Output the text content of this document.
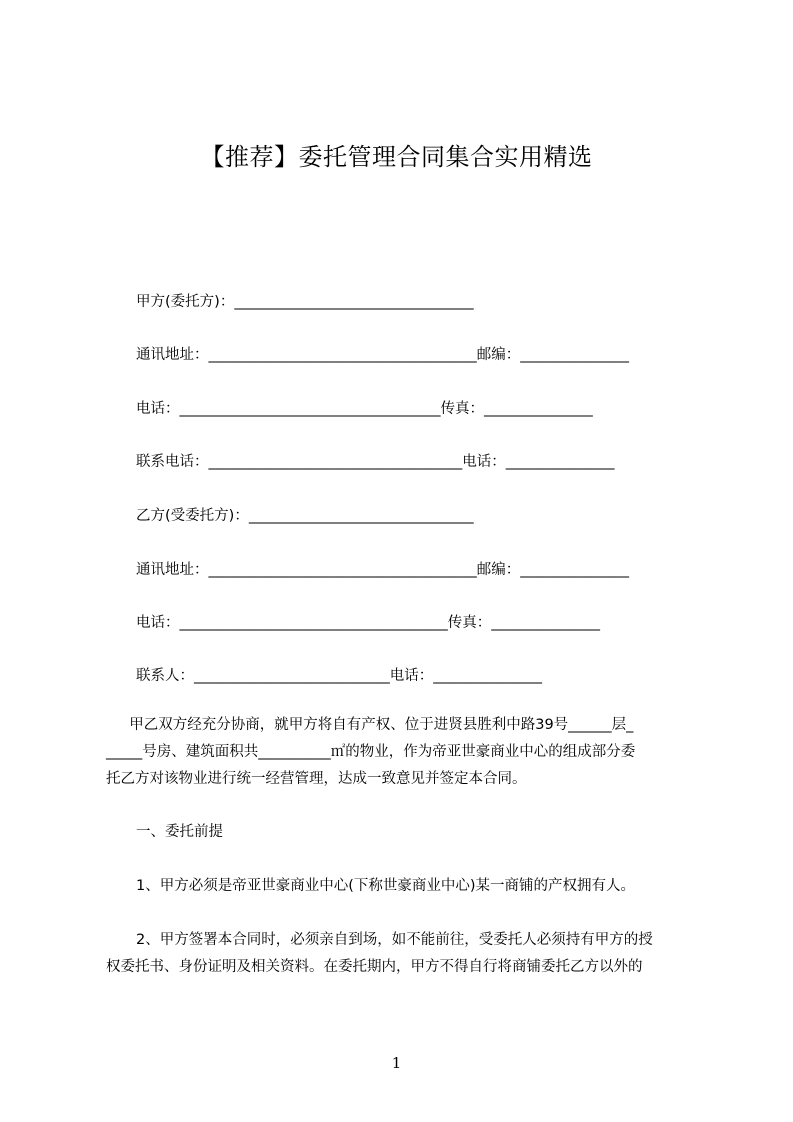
【推荐】委托管理合同集合实用精选
甲方(委托方)：_________________________________
通讯地址：_____________________________________邮编：_______________
电话：____________________________________传真：_______________
联系电话：___________________________________电话：_______________
乙方(受委托方)：_______________________________
通讯地址：_____________________________________邮编：_______________
电话：_____________________________________传真：_______________
联系人：___________________________电话：_______________
甲乙双方经充分协商，就甲方将自有产权、位于进贤县胜利中路39号______层_
_____号房、建筑面积共__________㎡的物业，作为帝亚世豪商业中心的组成部分委
托乙方对该物业进行统一经营管理，达成一致意见并签定本合同。
一、委托前提
1、甲方必须是帝亚世豪商业中心(下称世豪商业中心)某一商铺的产权拥有人。
2、甲方签署本合同时，必须亲自到场，如不能前往，受委托人必须持有甲方的授
权委托书、身份证明及相关资料。在委托期内，甲方不得自行将商铺委托乙方以外的
1
